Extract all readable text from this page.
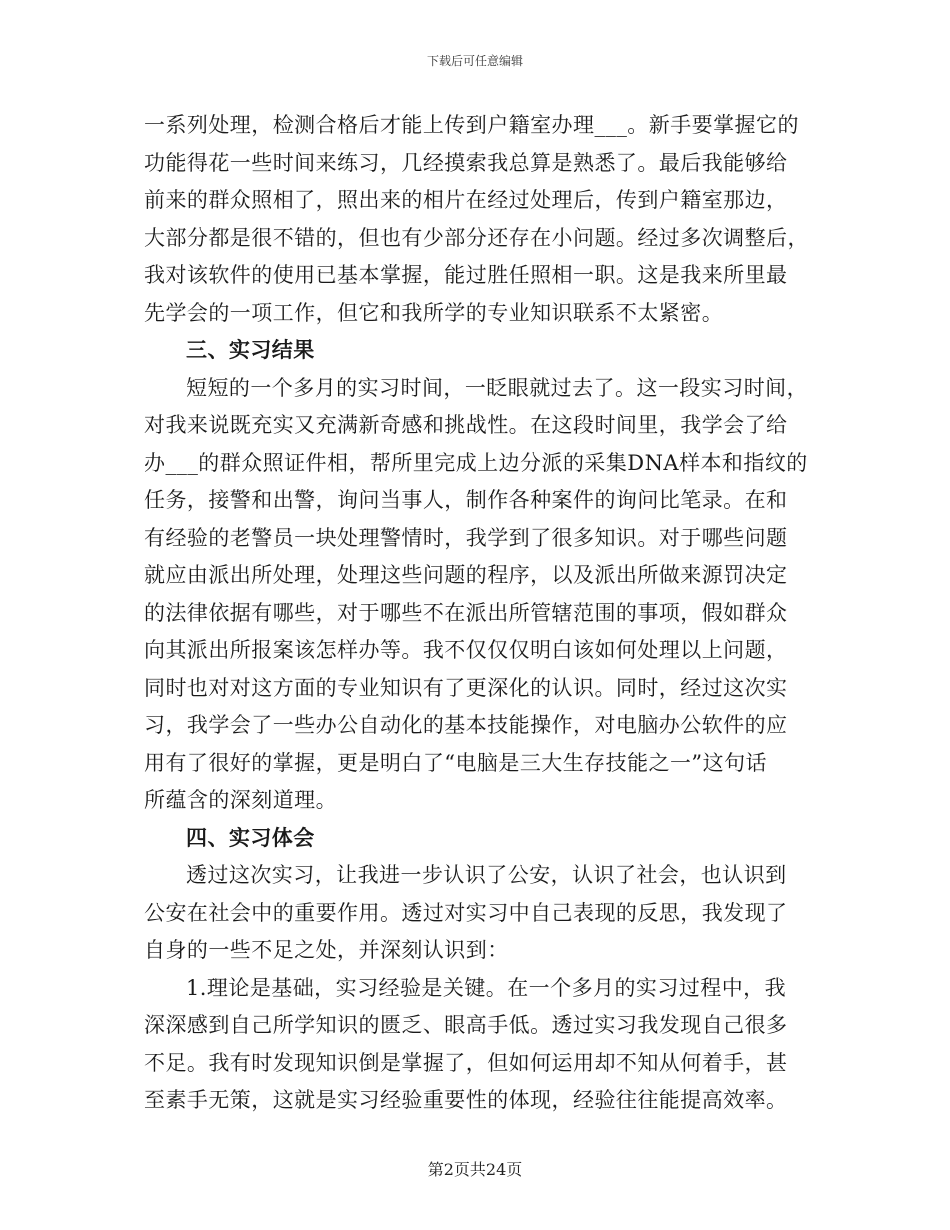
下载后可任意编辑
一系列处理，检测合格后才能上传到户籍室办理___。新手要掌握它的
功能得花一些时间来练习，几经摸索我总算是熟悉了。最后我能够给
前来的群众照相了，照出来的相片在经过处理后，传到户籍室那边，
大部分都是很不错的，但也有少部分还存在小问题。经过多次调整后，
我对该软件的使用已基本掌握，能过胜任照相一职。这是我来所里最
先学会的一项工作，但它和我所学的专业知识联系不太紧密。
三、实习结果
短短的一个多月的实习时间，一眨眼就过去了。这一段实习时间，
对我来说既充实又充满新奇感和挑战性。在这段时间里，我学会了给
办___的群众照证件相，帮所里完成上边分派的采集DNA样本和指纹的
任务，接警和出警，询问当事人，制作各种案件的询问比笔录。在和
有经验的老警员一块处理警情时，我学到了很多知识。对于哪些问题
就应由派出所处理，处理这些问题的程序，以及派出所做来源罚决定
的法律依据有哪些，对于哪些不在派出所管辖范围的事项，假如群众
向其派出所报案该怎样办等。我不仅仅仅明白该如何处理以上问题，
同时也对对这方面的专业知识有了更深化的认识。同时，经过这次实
习，我学会了一些办公自动化的基本技能操作，对电脑办公软件的应
用有了很好的掌握，更是明白了“电脑是三大生存技能之一”这句话
所蕴含的深刻道理。
四、实习体会
透过这次实习，让我进一步认识了公安，认识了社会，也认识到
公安在社会中的重要作用。透过对实习中自己表现的反思，我发现了
自身的一些不足之处，并深刻认识到：
1.理论是基础，实习经验是关键。在一个多月的实习过程中，我
深深感到自己所学知识的匮乏、眼高手低。透过实习我发现自己很多
不足。我有时发现知识倒是掌握了，但如何运用却不知从何着手，甚
至素手无策，这就是实习经验重要性的体现，经验往往能提高效率。
第2页共24页
